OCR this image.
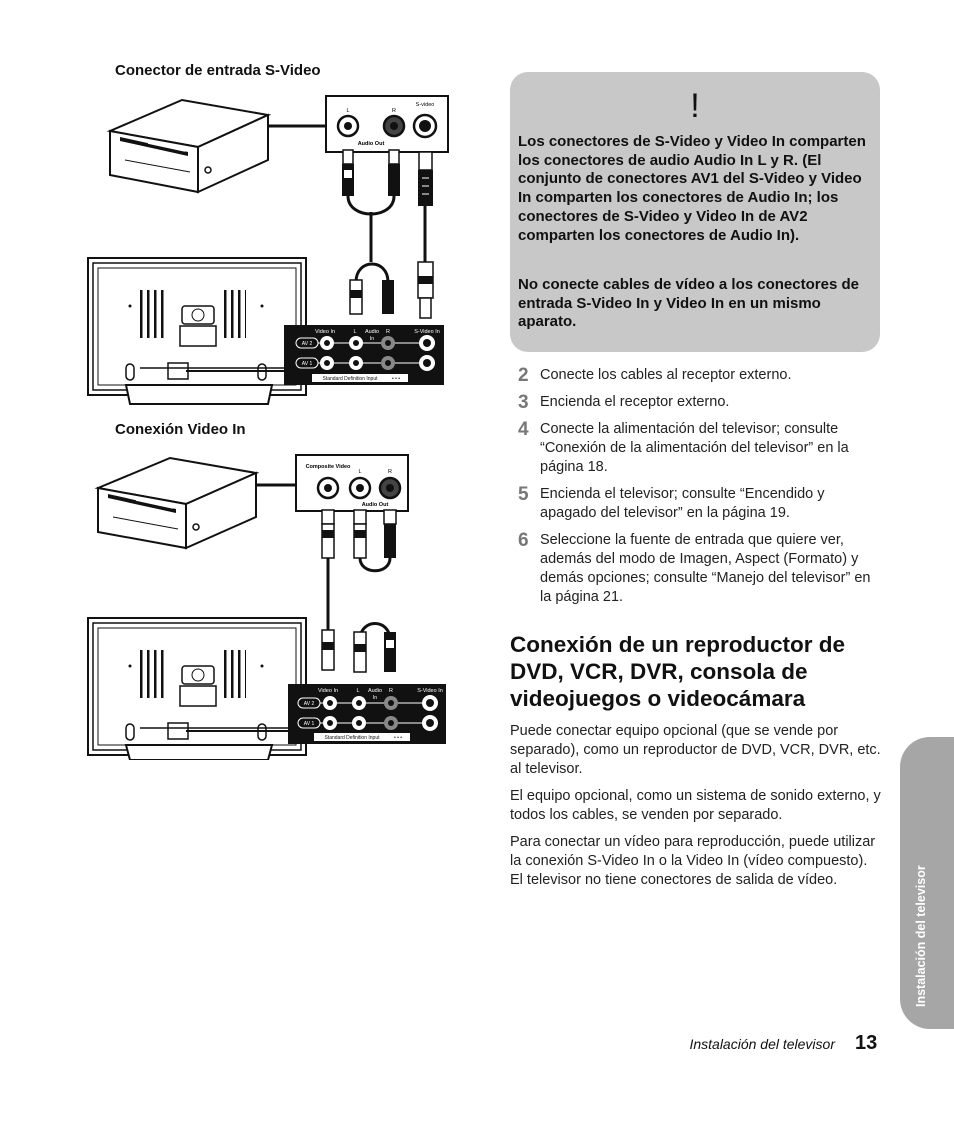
Conector de entrada S-Video
L	R
S-video
Audio Out
Video In	L Audio R	S-Video In
In
AV 2
AV 1
Standard Definition Input	• • •
Composite Video
L	R
Audio Out
Video In	L Audio R	S-Video In
In
AV 2
AV 1
Standard Definition Input	• • •
Conexión Video In
!

Los conectores de S-Video y Video In comparten los conectores de audio Audio In L y R. (El conjunto de conectores AV1 del S-Video y Video In comparten los conectores de Audio In; los conectores de S-Video y Video In de AV2 comparten los conectores de Audio In).

No conecte cables de vídeo a los conectores de entrada S-Video In y Video In en un mismo aparato.

2 Conecte los cables al receptor externo.
3 Encienda el receptor externo.
4 Conecte la alimentación del televisor; consulte “Conexión de la alimentación del televisor” en la página 18.
5 Encienda el televisor; consulte “Encendido y apagado del televisor” en la página 19.
6 Seleccione la fuente de entrada que quiere ver, además del modo de Imagen, Aspect (Formato) y demás opciones; consulte “Manejo del televisor” en la página 21.
Conexión de un reproductor de DVD, VCR, DVR, consola de videojuegos o videocámara

Puede conectar equipo opcional (que se vende por separado), como un reproductor de DVD, VCR, DVR, etc. al televisor.

El equipo opcional, como un sistema de sonido externo, y todos los cables, se venden por separado.

Para conectar un vídeo para reproducción, puede utilizar la conexión S-Video In o la Video In (vídeo compuesto). El televisor no tiene conectores de salida de vídeo.	Instalación del televisor
Instalación del televisor 13
